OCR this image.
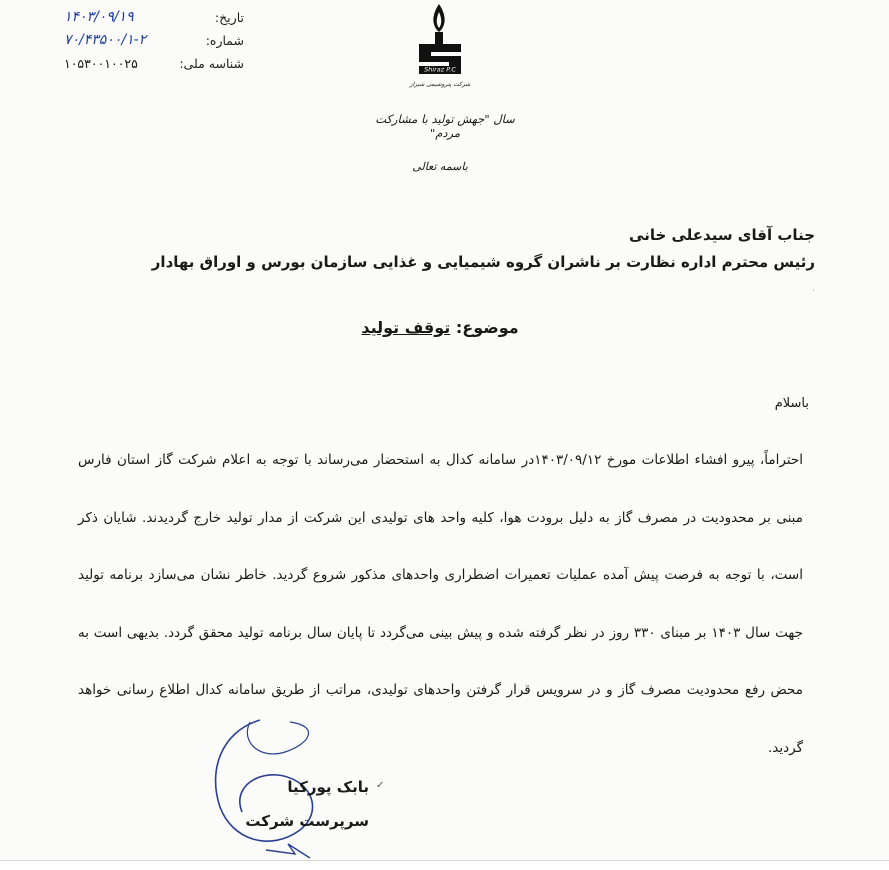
تاریخ:
۱۴۰۳/۰۹/۱۹
شماره:
۷۰/۴۳۵۰۰/۱-۲
شناسه ملی:
۱۰۵۳۰۰۱۰۰۲۵	Shiraz P.C
شرکت پتروشیمی شیراز
سال "جهش تولید با مشارکت مردم"
باسمه تعالی
جناب آقای سیدعلی خانی
رئیس محترم اداره نظارت بر ناشران گروه شیمیایی و غذایی سازمان بورس و اوراق بهادار
·
موضوع: توقف تولید
باسلام
احتراماً، پیرو افشاء اطلاعات مورخ ۱۴۰۳/۰۹/۱۲در سامانه کدال به استحضار می‌رساند با توجه به اعلام شرکت گاز استان فارس مبنی بر محدودیت در مصرف گاز به دلیل برودت هوا، کلیه واحد های تولیدی این شرکت از مدار تولید خارج گردیدند. شایان ذکر است، با توجه به فرصت پیش آمده عملیات تعمیرات اضطراری واحدهای مذکور شروع گردید. خاطر نشان می‌سازد برنامه تولید جهت سال ۱۴۰۳ بر مبنای ۳۳۰ روز در نظر گرفته شده و پیش بینی می‌گردد تا پایان سال برنامه تولید محقق گردد. بدیهی است به محض رفع محدودیت مصرف گاز و در سرویس قرار گرفتن واحدهای تولیدی، مراتب از طریق سامانه کدال اطلاع رسانی خواهد گردید.
✓
بابک پورکیا
سرپرست شرکت
